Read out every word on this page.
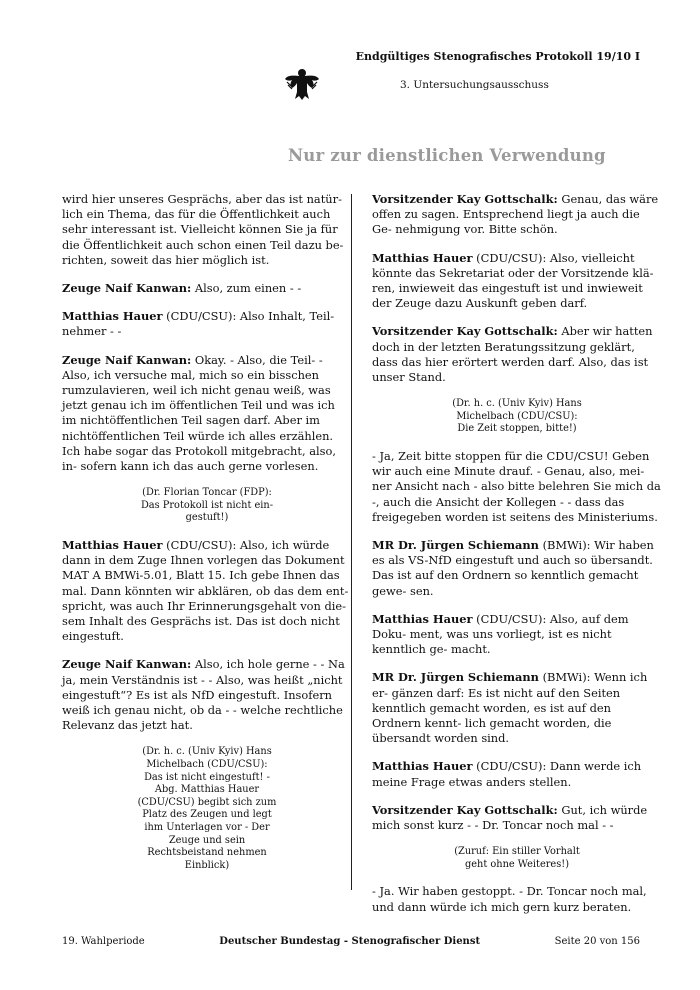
Endgültiges Stenografisches Protokoll 19/10 I
3. Untersuchungsausschuss
Nur zur dienstlichen Verwendung

wird hier unseres Gesprächs, aber das ist natür- lich ein Thema, das für die Öffentlichkeit auch sehr interessant ist. Vielleicht können Sie ja für die Öffentlichkeit auch schon einen Teil dazu be- richten, soweit das hier möglich ist.

Zeuge Naif Kanwan: Also, zum einen - -

Matthias Hauer (CDU/CSU): Also Inhalt, Teil- nehmer - -

Zeuge Naif Kanwan: Okay. - Also, die Teil- - Also, ich versuche mal, mich so ein bisschen rumzulavieren, weil ich nicht genau weiß, was jetzt genau ich im öffentlichen Teil und was ich im nichtöffentlichen Teil sagen darf. Aber im nichtöffentlichen Teil würde ich alles erzählen. Ich habe sogar das Protokoll mitgebracht, also, in- sofern kann ich das auch gerne vorlesen.

(Dr. Florian Toncar (FDP):
Das Protokoll ist nicht ein-
gestuft!)

Matthias Hauer (CDU/CSU): Also, ich würde dann in dem Zuge Ihnen vorlegen das Dokument MAT A BMWi-5.01, Blatt 15. Ich gebe Ihnen das mal. Dann könnten wir abklären, ob das dem ent- spricht, was auch Ihr Erinnerungsgehalt von die- sem Inhalt des Gesprächs ist. Das ist doch nicht eingestuft.

Zeuge Naif Kanwan: Also, ich hole gerne - - Na ja, mein Verständnis ist - - Also, was heißt „nicht eingestuft“? Es ist als NfD eingestuft. Insofern weiß ich genau nicht, ob da - - welche rechtliche Relevanz das jetzt hat.

(Dr. h. c. (Univ Kyiv) Hans
Michelbach (CDU/CSU):
Das ist nicht eingestuft! -
Abg. Matthias Hauer
(CDU/CSU) begibt sich zum
Platz des Zeugen und legt
ihm Unterlagen vor - Der
Zeuge und sein
Rechtsbeistand nehmen
Einblick)

Vorsitzender Kay Gottschalk: Genau, das wäre offen zu sagen. Entsprechend liegt ja auch die Ge- nehmigung vor. Bitte schön.

Matthias Hauer (CDU/CSU): Also, vielleicht könnte das Sekretariat oder der Vorsitzende klä- ren, inwieweit das eingestuft ist und inwieweit der Zeuge dazu Auskunft geben darf.

Vorsitzender Kay Gottschalk: Aber wir hatten doch in der letzten Beratungssitzung geklärt, dass das hier erörtert werden darf. Also, das ist unser Stand.

(Dr. h. c. (Univ Kyiv) Hans
Michelbach (CDU/CSU):
Die Zeit stoppen, bitte!)

- Ja, Zeit bitte stoppen für die CDU/CSU! Geben wir auch eine Minute drauf. - Genau, also, mei- ner Ansicht nach - also bitte belehren Sie mich da -, auch die Ansicht der Kollegen - - dass das freigegeben worden ist seitens des Ministeriums.

MR Dr. Jürgen Schiemann (BMWi): Wir haben es als VS-NfD eingestuft und auch so übersandt. Das ist auf den Ordnern so kenntlich gemacht gewe- sen.

Matthias Hauer (CDU/CSU): Also, auf dem Doku- ment, was uns vorliegt, ist es nicht kenntlich ge- macht.

MR Dr. Jürgen Schiemann (BMWi): Wenn ich er- gänzen darf: Es ist nicht auf den Seiten kenntlich gemacht worden, es ist auf den Ordnern kennt- lich gemacht worden, die übersandt worden sind.

Matthias Hauer (CDU/CSU): Dann werde ich meine Frage etwas anders stellen.

Vorsitzender Kay Gottschalk: Gut, ich würde mich sonst kurz - - Dr. Toncar noch mal - -

(Zuruf: Ein stiller Vorhalt
geht ohne Weiteres!)

- Ja. Wir haben gestoppt. - Dr. Toncar noch mal, und dann würde ich mich gern kurz beraten.

19. Wahlperiode	Deutscher Bundestag - Stenografischer Dienst	Seite 20 von 156
